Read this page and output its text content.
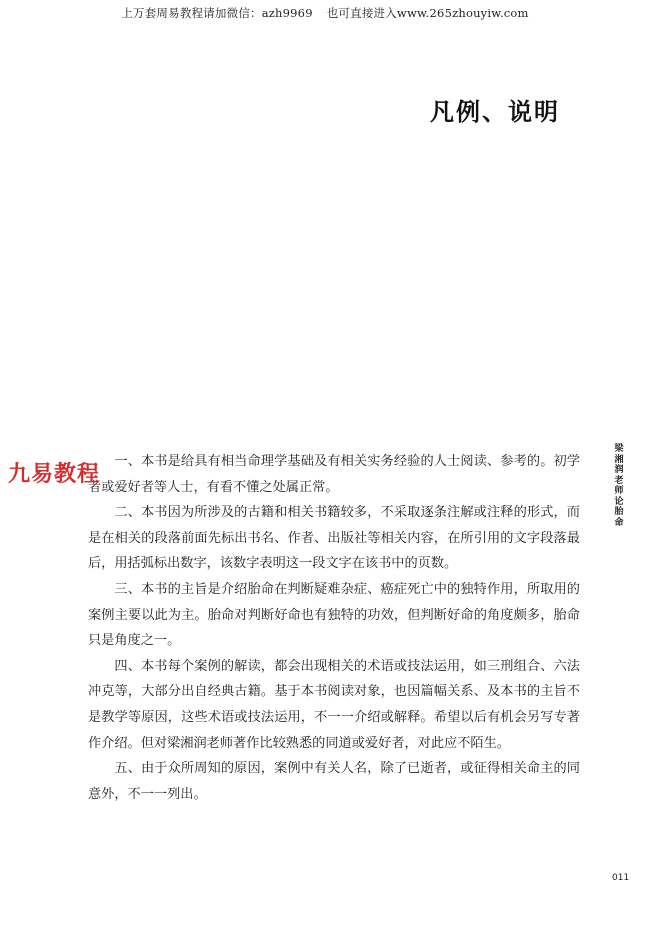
上万套周易教程请加微信：azh9969 也可直接进入www.265zhouyiw.com
凡例、说明
九易教程
梁湘润老师论胎命

一、本书是给具有相当命理学基础及有相关实务经验的人士阅读、参考的。初学者或爱好者等人士，有看不懂之处属正常。

二、本书因为所涉及的古籍和相关书籍较多，不采取逐条注解或注释的形式，而是在相关的段落前面先标出书名、作者、出版社等相关内容，在所引用的文字段落最后，用括弧标出数字，该数字表明这一段文字在该书中的页数。

三、本书的主旨是介绍胎命在判断疑难杂症、癌症死亡中的独特作用，所取用的案例主要以此为主。胎命对判断好命也有独特的功效，但判断好命的角度颇多，胎命只是角度之一。

四、本书每个案例的解读，都会出现相关的术语或技法运用，如三刑组合、六法冲克等，大部分出自经典古籍。基于本书阅读对象，也因篇幅关系、及本书的主旨不是教学等原因，这些术语或技法运用，不一一介绍或解释。希望以后有机会另写专著作介绍。但对梁湘润老师著作比较熟悉的同道或爱好者，对此应不陌生。

五、由于众所周知的原因，案例中有关人名，除了已逝者，或征得相关命主的同意外，不一一列出。

011
